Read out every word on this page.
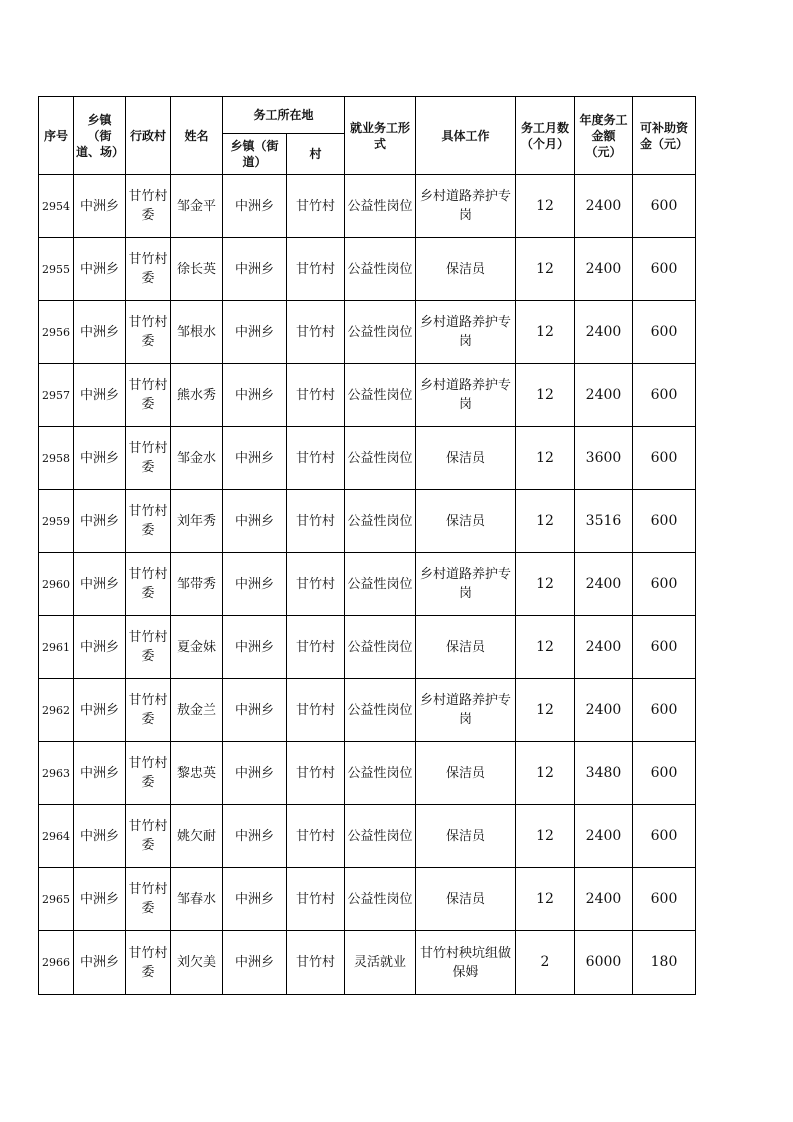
序号	乡镇（街道、场）	行政村	姓名	务工所在地		就业务工形式	具体工作	务工月数（个月）	年度务工金额（元）	可补助资金（元）
				乡镇（街道）	村					
2954	中洲乡	甘竹村委	邹金平	中洲乡	甘竹村	公益性岗位	乡村道路养护专岗	12	2400	600
2955	中洲乡	甘竹村委	徐长英	中洲乡	甘竹村	公益性岗位	保洁员	12	2400	600
2956	中洲乡	甘竹村委	邹根水	中洲乡	甘竹村	公益性岗位	乡村道路养护专岗	12	2400	600
2957	中洲乡	甘竹村委	熊水秀	中洲乡	甘竹村	公益性岗位	乡村道路养护专岗	12	2400	600
2958	中洲乡	甘竹村委	邹金水	中洲乡	甘竹村	公益性岗位	保洁员	12	3600	600
2959	中洲乡	甘竹村委	刘年秀	中洲乡	甘竹村	公益性岗位	保洁员	12	3516	600
2960	中洲乡	甘竹村委	邹带秀	中洲乡	甘竹村	公益性岗位	乡村道路养护专岗	12	2400	600
2961	中洲乡	甘竹村委	夏金妹	中洲乡	甘竹村	公益性岗位	保洁员	12	2400	600
2962	中洲乡	甘竹村委	敖金兰	中洲乡	甘竹村	公益性岗位	乡村道路养护专岗	12	2400	600
2963	中洲乡	甘竹村委	黎忠英	中洲乡	甘竹村	公益性岗位	保洁员	12	3480	600
2964	中洲乡	甘竹村委	姚欠耐	中洲乡	甘竹村	公益性岗位	保洁员	12	2400	600
2965	中洲乡	甘竹村委	邹春水	中洲乡	甘竹村	公益性岗位	保洁员	12	2400	600
2966	中洲乡	甘竹村委	刘欠美	中洲乡	甘竹村	灵活就业	甘竹村秧坑组做保姆	2	6000	180
